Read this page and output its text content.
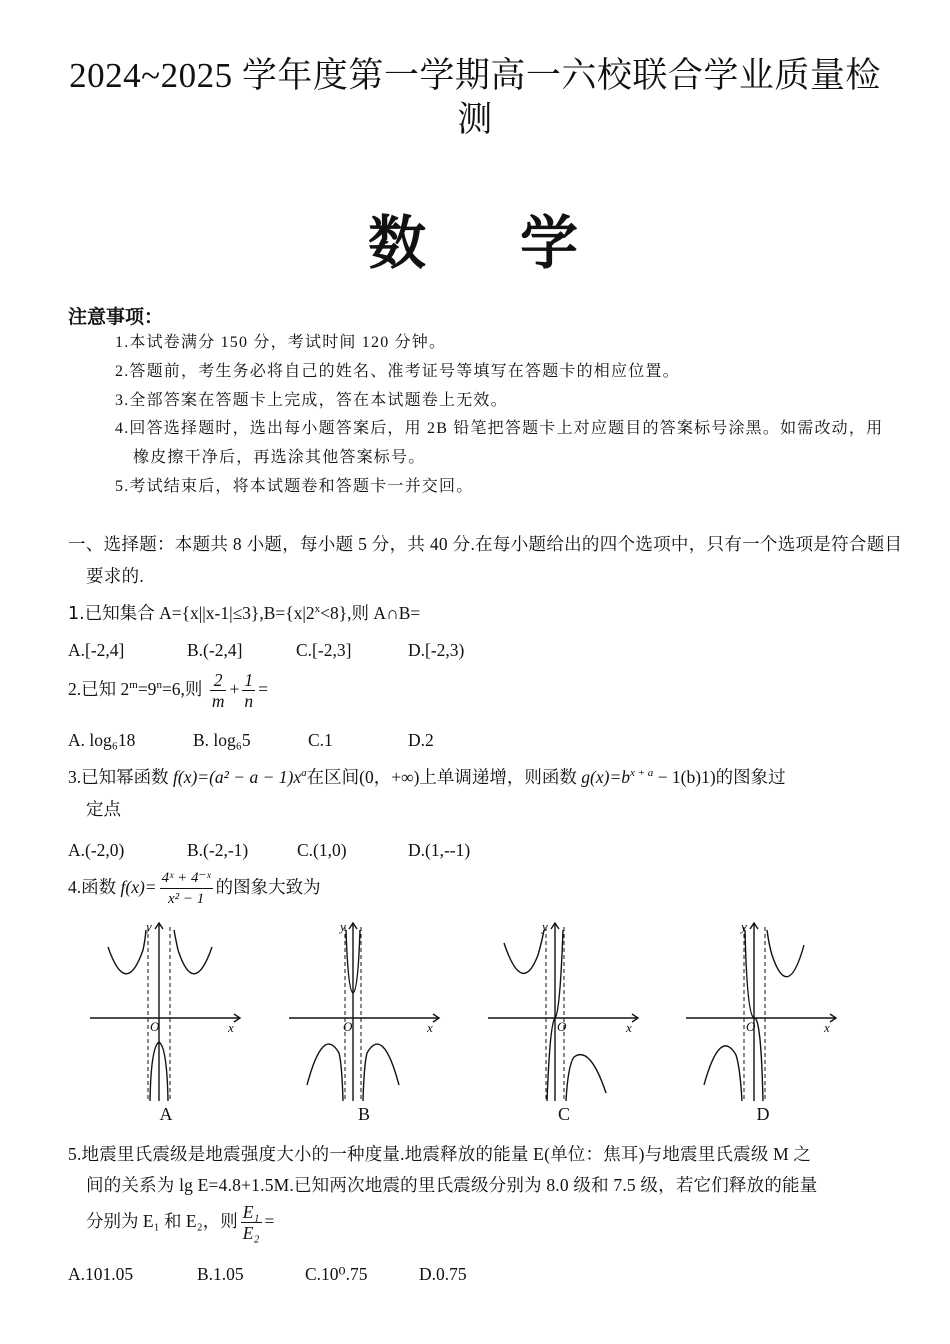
2024~2025 学年度第一学期高一六校联合学业质量检
测
数 学
注意事项：
1.本试卷满分 150 分，考试时间 120 分钟。
2.答题前，考生务必将自己的姓名、准考证号等填写在答题卡的相应位置。
3.全部答案在答题卡上完成，答在本试题卷上无效。
4.回答选择题时，选出每小题答案后，用 2B 铅笔把答题卡上对应题目的答案标号涂黑。如需改动，用橡皮擦干净后，再选涂其他答案标号。
5.考试结束后，将本试题卷和答题卡一并交回。
一、选择题：本题共 8 小题，每小题 5 分，共 40 分.在每小题给出的四个选项中，只有一个选项是符合题目要求的.
1.已知集合 $A=\{x||x-1|\le 3\},B=\{x|2^x<8\}$,则 A∩B=
A.[-2,4]	B.(-2,4]	C.[-2,3]	D.[-2,3)
2.已知 $2^m=9^n=6$,则 $\frac{2}{m} + \frac{1}{n}$ =
A. log₆18	B. log₆5	C.1	D.2
3.已知幂函数 $f(x)=(a^2 - a - 1)x^a$在区间(0，+∞)上单调递增，则函数 $g(x)=b^{x + a} - 1(b)1$)的图象过
定点
A.(-2,0)	B.(-2,-1)	C.(1,0)	D.(1,--1)
4.函数 $f(x)= \frac{\text{4ˣ + 4⁻ˣ}}{\text{x² − 1}}$ 的图象大致为
O	x
y
A
O	x
y
B
O	x
y
C
O	x
y
D
5.地震里氏震级是地震强度大小的一种度量.地震释放的能量 E(单位：焦耳)与地震里氏震级 M 之
间的关系为 lg E=4.8+1.5M.已知两次地震的里氏震级分别为 8.0 级和 7.5 级，若它们释放的能量
分别为 E₁ 和 E₂，则 $\frac{\text{E₁}}{\text{E₂}}$ =
A.101.05	B.1.05	C.10⁰.75	D.0.75
